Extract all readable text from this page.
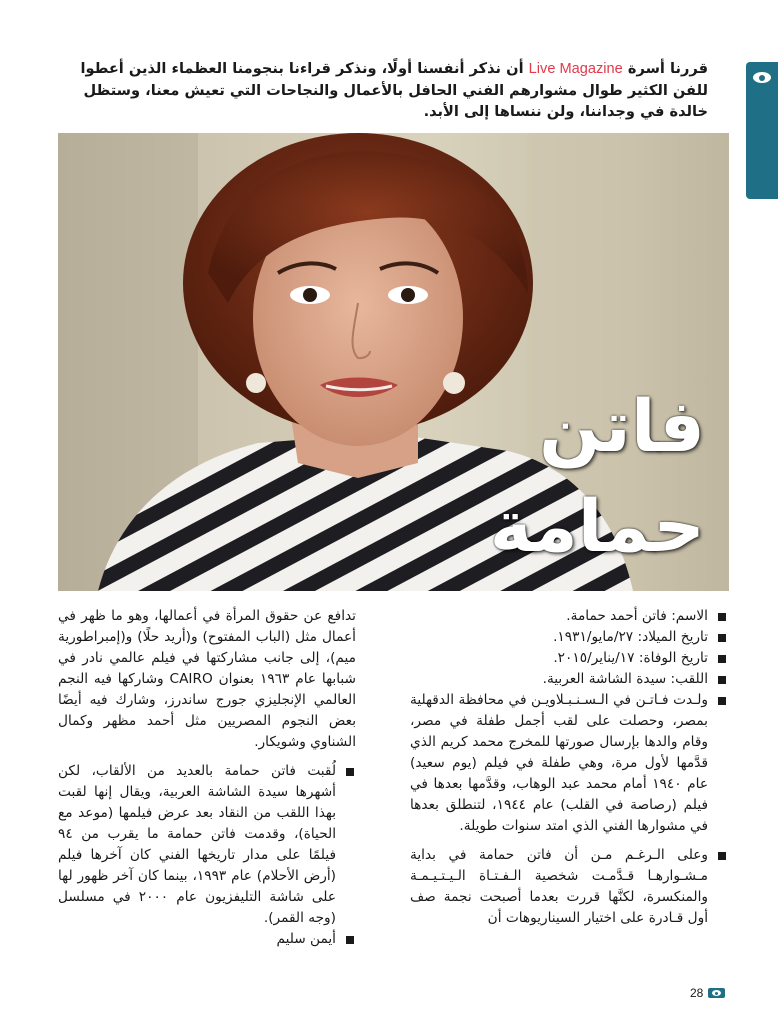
قررنا أسرة Live Magazine أن نذكر أنفسنا أولًا، ونذكر قراءنا بنجومنا العظماء الذين أعطوا للفن الكثير طوال مشوارهم الفني الحافل بالأعمال والنجاحات التي تعيش معنا، وستظل خالدة في وجداننا، ولن ننساها إلى الأبد.
C.V.
فاتن
حمامة

الاسم: فاتن أحمد حمامة.

تاريخ الميلاد: ٢٧/مايو/١٩٣١.

تاريخ الوفاة: ١٧/يناير/٢٠١٥.

اللقب: سيدة الشاشة العربية.

ولـدت فـاتـن في الـسـنـبـلاويـن في محافظة الدقهلية بمصر، وحصلت على لقب أجمل طفلة في مصر، وقام والدها بإرسال صورتها للمخرج محمد كريم الذي قدَّمها لأول مرة، وهي طفلة في فيلم (يوم سعيد) عام ١٩٤٠ أمام محمد عبد الوهاب، وقدَّمها بعدها في فيلم (رصاصة في القلب) عام ١٩٤٤، لتنطلق بعدها في مشوارها الفني الذي امتد سنوات طويلة.

وعلى الـرغـم مـن أن فاتن حمامة في بداية مـشـوارهـا قـدَّمـت شخصية الـفـتـاة الـيـتـيـمـة والمنكسرة، لكنَّها قررت بعدما أصبحت نجمة صف أول قـادرة على اختيار السيناريوهات أن

تدافع عن حقوق المرأة في أعمالها، وهو ما ظهر في أعمال مثل (الباب المفتوح) و(أريد حلًا) و(إمبراطورية ميم)، إلى جانب مشاركتها في فيلم عالمي نادر في شبابها عام ١٩٦٣ بعنوان CAIRO وشاركها فيه النجم العالمي الإنجليزي جورج ساندرز، وشارك فيه أيضًا بعض النجوم المصريين مثل أحمد مظهر وكمال الشناوي وشويكار.

لُقبت فاتن حمامة بالعديد من الألقاب، لكن أشهرها سيدة الشاشة العربية، ويقال إنها لقبت بهذا اللقب من النقاد بعد عرض فيلمها (موعد مع الحياة)، وقدمت فاتن حمامة ما يقرب من ٩٤ فيلمًا على مدار تاريخها الفني كان آخرها فيلم (أرض الأحلام) عام ١٩٩٣، بينما كان آخر ظهور لها على شاشة التليفزيون عام ٢٠٠٠ في مسلسل (وجه القمر).

أيمن سليم

28
